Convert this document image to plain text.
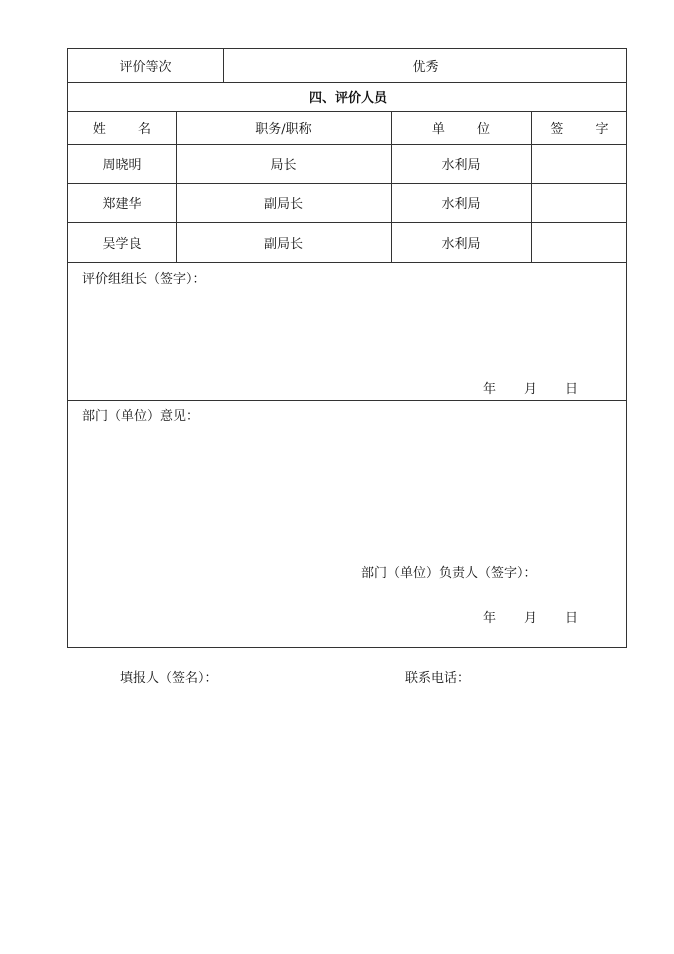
评价等次	优秀
四、评价人员
姓 名	职务/职称	单 位	签 字
周晓明	局长	水利局
郑建华	副局长	水利局
吴学良	副局长	水利局
评价组组长（签字）：
年 月 日
部门（单位）意见：
部门（单位）负责人（签字）：
年 月 日
填报人（签名）：	联系电话：
